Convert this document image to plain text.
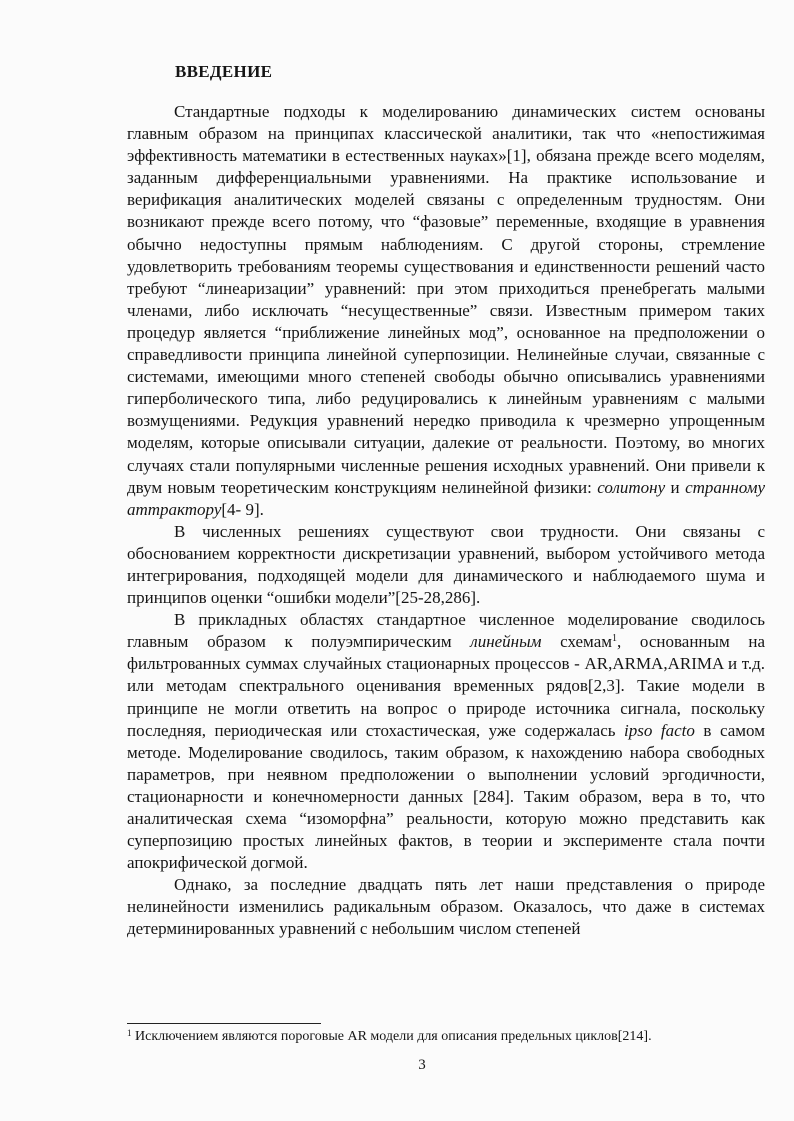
ВВЕДЕНИЕ

Стандартные подходы к моделированию динамических систем основаны главным образом на принципах классической аналитики, так что «непостижимая эффективность математики в естественных науках»[1], обязана прежде всего моделям, заданным дифференциальными уравнениями. На практике использование и верификация аналитических моделей связаны с определенным трудностям. Они возникают прежде всего потому, что “фазовые” переменные, входящие в уравнения обычно недоступны прямым наблюдениям. С другой стороны, стремление удовлетворить требованиям теоремы существования и единственности решений часто требуют “линеаризации” уравнений: при этом приходиться пренебрегать малыми членами, либо исключать “несущественные” связи. Известным примером таких процедур является “приближение линейных мод”, основанное на предположении о справедливости принципа линейной суперпозиции. Нелинейные случаи, связанные с системами, имеющими много степеней свободы обычно описывались уравнениями гиперболического типа, либо редуцировались к линейным уравнениям с малыми возмущениями. Редукция уравнений нередко приводила к чрезмерно упрощенным моделям, которые описывали ситуации, далекие от реальности. Поэтому, во многих случаях стали популярными численные решения исходных уравнений. Они привели к двум новым теоретическим конструкциям нелинейной физики: солитону и странному аттрактору[4- 9].

В численных решениях существуют свои трудности. Они связаны с обоснованием корректности дискретизации уравнений, выбором устойчивого метода интегрирования, подходящей модели для динамического и наблюдаемого шума и принципов оценки “ошибки модели”[25-28,286].

В прикладных областях стандартное численное моделирование сводилось главным образом к полуэмпирическим линейным схемам$^1$, основанным на фильтрованных суммах случайных стационарных процессов - AR,ARMA,ARIMA и т.д. или методам спектрального оценивания временных рядов[2,3]. Такие модели в принципе не могли ответить на вопрос о природе источника сигнала, поскольку последняя, периодическая или стохастическая, уже содержалась ipso facto в самом методе. Моделирование сводилось, таким образом, к нахождению набора свободных параметров, при неявном предположении о выполнении условий эргодичности, стационарности и конечномерности данных [284]. Таким образом, вера в то, что аналитическая схема “изоморфна” реальности, которую можно представить как суперпозицию простых линейных фактов, в теории и эксперименте стала почти апокрифической догмой.

Однако, за последние двадцать пять лет наши представления о природе нелинейности изменились радикальным образом. Оказалось, что даже в системах детерминированных уравнений с небольшим числом степеней

$^1$ Исключением являются пороговые AR модели для описания предельных циклов[214].

3
